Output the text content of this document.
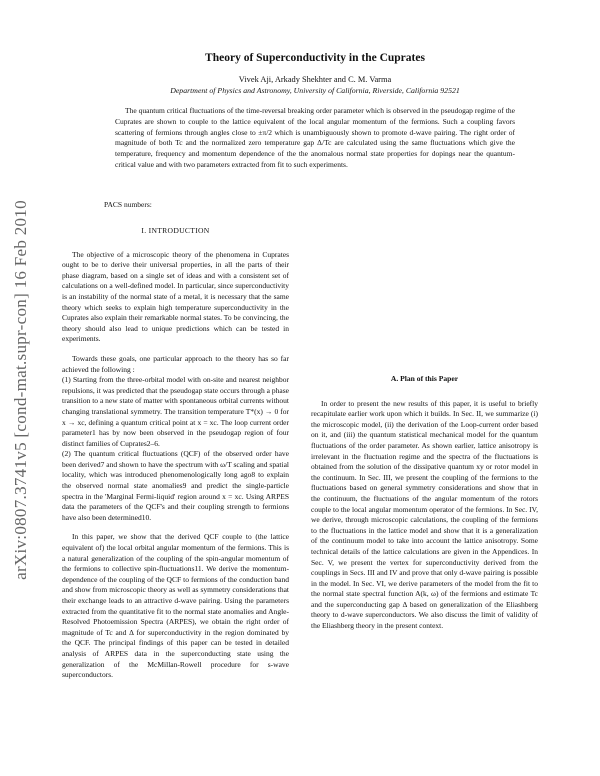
arXiv:0807.3741v5 [cond-mat.supr-con] 16 Feb 2010
Theory of Superconductivity in the Cuprates
Vivek Aji, Arkady Shekhter and C. M. Varma
Department of Physics and Astronomy, University of California, Riverside, California 92521

The quantum critical fluctuations of the time-reversal breaking order parameter which is observed in the pseudogap regime of the Cuprates are shown to couple to the lattice equivalent of the local angular momentum of the fermions. Such a coupling favors scattering of fermions through angles close to ±π/2 which is unambiguously shown to promote d-wave pairing. The right order of magnitude of both Tc and the normalized zero temperature gap Δ/Tc are calculated using the same fluctuations which give the temperature, frequency and momentum dependence of the the anomalous normal state properties for dopings near the quantum-critical value and with two parameters extracted from fit to such experiments.

PACS numbers:
I. INTRODUCTION

The objective of a microscopic theory of the phenomena in Cuprates ought to be to derive their universal properties, in all the parts of their phase diagram, based on a single set of ideas and with a consistent set of calculations on a well-defined model. In particular, since superconductivity is an instability of the normal state of a metal, it is necessary that the same theory which seeks to explain high temperature superconductivity in the Cuprates also explain their remarkable normal states. To be convincing, the theory should also lead to unique predictions which can be tested in experiments.

Towards these goals, one particular approach to the theory has so far achieved the following :

(1) Starting from the three-orbital model with on-site and nearest neighbor repulsions, it was predicted that the pseudogap state occurs through a phase transition to a new state of matter with spontaneous orbital currents without changing translational symmetry. The transition temperature T*(x) → 0 for x → xc, defining a quantum critical point at x = xc. The loop current order parameter1 has by now been observed in the pseudogap region of four distinct families of Cuprates2–6.

(2) The quantum critical fluctuations (QCF) of the observed order have been derived7 and shown to have the spectrum with ω/T scaling and spatial locality, which was introduced phenomenologically long ago8 to explain the observed normal state anomalies9 and predict the single-particle spectra in the 'Marginal Fermi-liquid' region around x = xc. Using ARPES data the parameters of the QCF's and their coupling strength to fermions have also been determined10.

In this paper, we show that the derived QCF couple to (the lattice equivalent of) the local orbital angular momentum of the fermions. This is a natural generalization of the coupling of the spin-angular momentum of the fermions to collective spin-fluctuations11. We derive the momentum-dependence of the coupling of the QCF to fermions of the conduction band and show from microscopic theory as well as symmetry considerations that their exchange leads to an attractive d-wave pairing. Using the parameters extracted from the quantitative fit to the normal state anomalies and Angle-Resolved Photoemission Spectra (ARPES), we obtain the right order of magnitude of Tc and Δ for superconductivity in the region dominated by the QCF. The principal findings of this paper can be tested in detailed analysis of ARPES data in the superconducting state using the generalization of the McMillan-Rowell procedure for s-wave superconductors.

A. Plan of this Paper

In order to present the new results of this paper, it is useful to briefly recapitulate earlier work upon which it builds. In Sec. II, we summarize (i) the microscopic model, (ii) the derivation of the Loop-current order based on it, and (iii) the quantum statistical mechanical model for the quantum fluctuations of the order parameter. As shown earlier, lattice anisotropy is irrelevant in the fluctuation regime and the spectra of the fluctuations is obtained from the solution of the dissipative quantum xy or rotor model in the continuum. In Sec. III, we present the coupling of the fermions to the fluctuations based on general symmetry considerations and show that in the continuum, the fluctuations of the angular momentum of the rotors couple to the local angular momentum operator of the fermions. In Sec. IV, we derive, through microscopic calculations, the coupling of the fermions to the fluctuations in the lattice model and show that it is a generalization of the continuum model to take into account the lattice anisotropy. Some technical details of the lattice calculations are given in the Appendices. In Sec. V, we present the vertex for superconductivity derived from the couplings in Secs. III and IV and prove that only d-wave pairing is possible in the model. In Sec. VI, we derive parameters of the model from the fit to the normal state spectral function A(k, ω) of the fermions and estimate Tc and the superconducting gap Δ based on generalization of the Eliashberg theory to d-wave superconductors. We also discuss the limit of validity of the Eliashberg theory in the present context.
